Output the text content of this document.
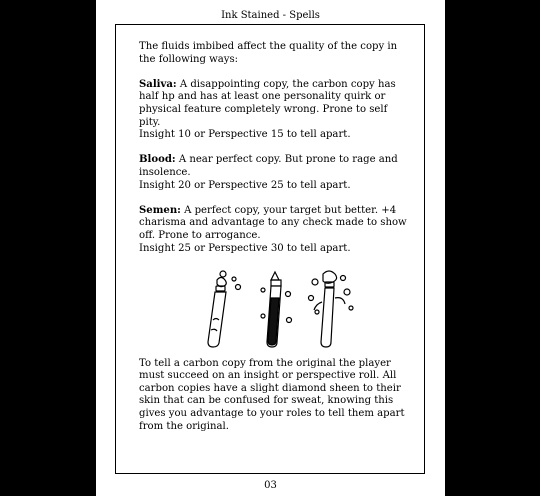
Ink Stained - Spells

The fluids imbibed affect the quality of the copy in the following ways:

Saliva: A disappointing copy, the carbon copy has half hp and has at least one personality quirk or physical feature completely wrong. Prone to self pity.
Insight 10 or Perspective 15 to tell apart.

Blood: A near perfect copy. But prone to rage and insolence.
Insight 20 or Perspective 25 to tell apart.

Semen: A perfect copy, your target but better. +4 charisma and advantage to any check made to show off. Prone to arrogance.
Insight 25 or Perspective 30 to tell apart.

To tell a carbon copy from the original the player must succeed on an insight or perspective roll. All carbon copies have a slight diamond sheen to their skin that can be confused for sweat, knowing this gives you advantage to your roles to tell them apart from the original.

03
